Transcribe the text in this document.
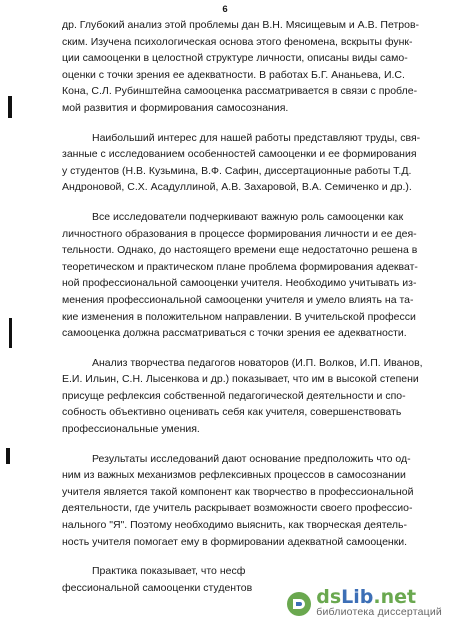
6

др. Глубокий анализ этой проблемы дан В.Н. Мясищевым и А.В. Петров-
ским. Изучена психологическая основа этого феномена, вскрыты функ-
ции самооценки в целостной структуре личности, описаны виды само-
оценки с точки зрения ее адекватности. В работах Б.Г. Ананьева, И.С.
Кона, С.Л. Рубинштейна самооценка рассматривается в связи с пробле-
мой развития и формирования самосознания.

Наибольший интерес для нашей работы представляют труды, свя-
занные с исследованием особенностей самооценки и ее формирования
у студентов (Н.В. Кузьмина, В.Ф. Сафин, диссертационные работы Т.Д.
Андроновой, С.Х. Асадуллиной, А.В. Захаровой, В.А. Семиченко и др.).

Все исследователи подчеркивают важную роль самооценки как
личностного образования в процессе формирования личности и ее дея-
тельности. Однако, до настоящего времени еще недостаточно решена в
теоретическом и практическом плане проблема формирования адекват-
ной профессиональной самооценки учителя. Необходимо учитывать из-
менения профессиональной самооценки учителя и умело влиять на та-
кие изменения в положительном направлении. В учительской професси
самооценка должна рассматриваться с точки зрения ее адекватности.

Анализ творчества педагогов новаторов (И.П. Волков, И.П. Иванов,
Е.И. Ильин, С.Н. Лысенкова и др.) показывает, что им в высокой степени
присуще рефлексия собственной педагогической деятельности и спо-
собность объективно оценивать себя как учителя, совершенствовать
профессиональные умения.

Результаты исследований дают основание предположить что од-
ним из важных механизмов рефлексивных процессов в самосознании
учителя является такой компонент как творчество в профессиональной
деятельности, где учитель раскрывает возможности своего профессио-
нального "Я". Поэтому необходимо выяснить, как творческая деятель-
ность учителя помогает ему в формировании адекватной самооценки.

Практика показывает, что несф
фессиональной самооценки студентов	dsLib.net
библиотека диссертаций
